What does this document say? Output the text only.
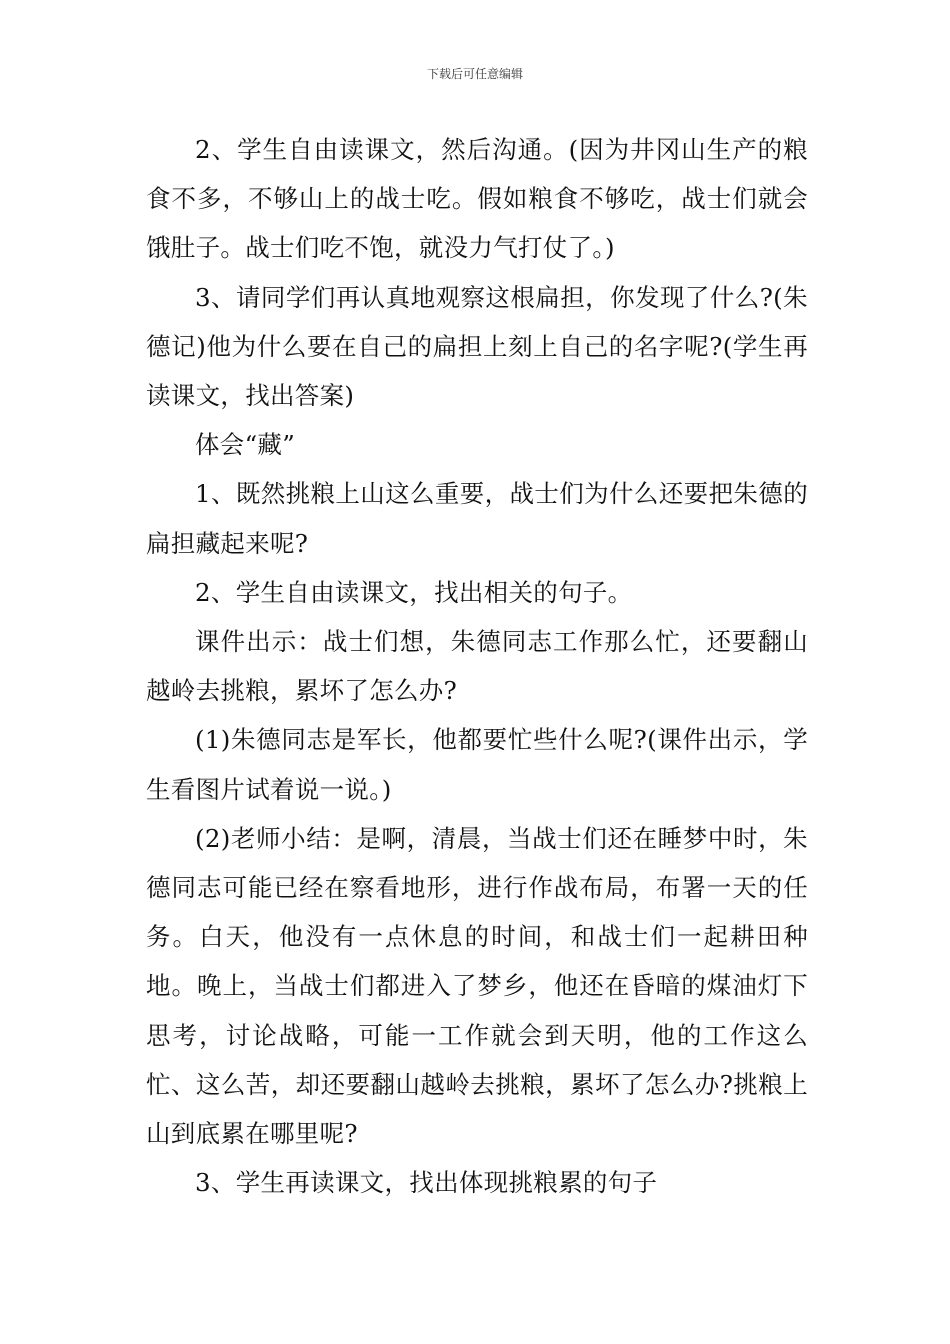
下载后可任意编辑

2、学生自由读课文，然后沟通。(因为井冈山生产的粮食不多，不够山上的战士吃。假如粮食不够吃，战士们就会饿肚子。战士们吃不饱，就没力气打仗了。)

3、请同学们再认真地观察这根扁担，你发现了什么?(朱德记)他为什么要在自己的扁担上刻上自己的名字呢?(学生再读课文，找出答案)

体会“藏”

1、既然挑粮上山这么重要，战士们为什么还要把朱德的扁担藏起来呢?

2、学生自由读课文，找出相关的句子。

课件出示：战士们想，朱德同志工作那么忙，还要翻山越岭去挑粮，累坏了怎么办?

(1)朱德同志是军长，他都要忙些什么呢?(课件出示，学生看图片试着说一说。)

(2)老师小结：是啊，清晨，当战士们还在睡梦中时，朱德同志可能已经在察看地形，进行作战布局，布署一天的任务。白天，他没有一点休息的时间，和战士们一起耕田种地。晚上，当战士们都进入了梦乡，他还在昏暗的煤油灯下思考，讨论战略，可能一工作就会到天明，他的工作这么忙、这么苦，却还要翻山越岭去挑粮，累坏了怎么办?挑粮上山到底累在哪里呢?

3、学生再读课文，找出体现挑粮累的句子
